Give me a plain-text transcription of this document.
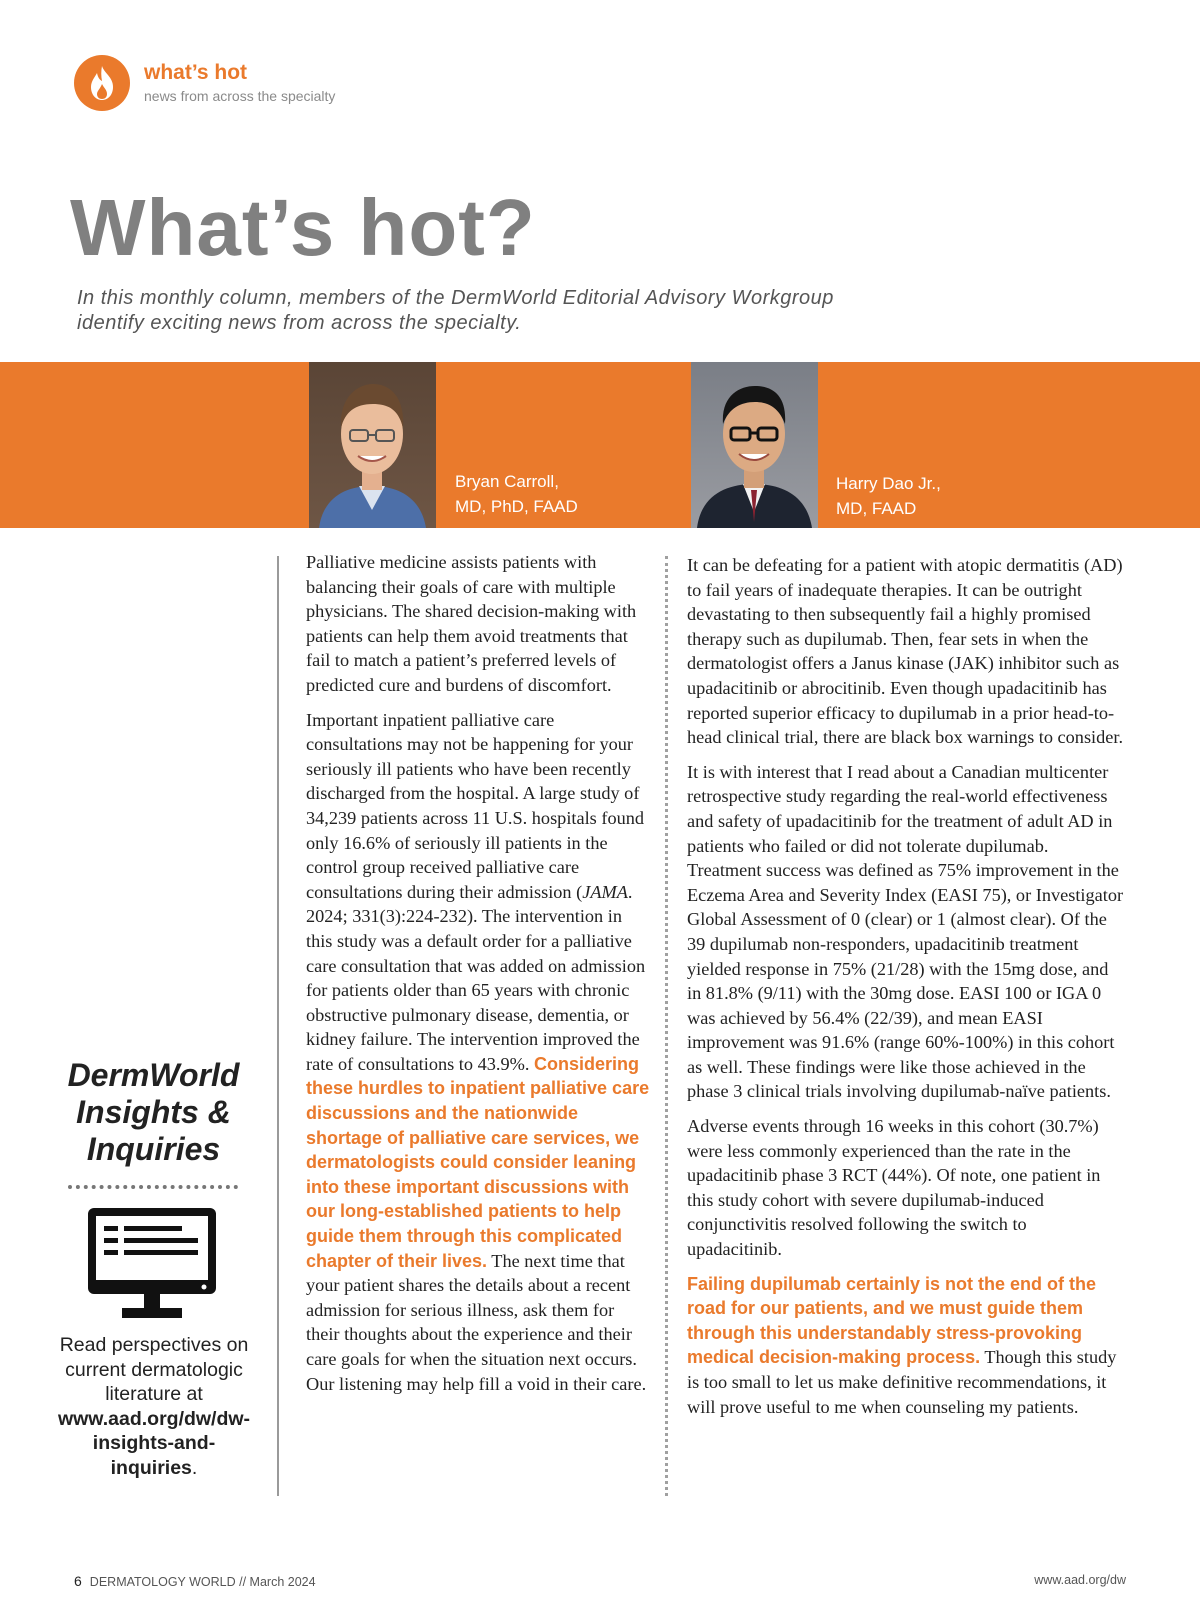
what’s hot
news from across the specialty
What’s hot?
In this monthly column, members of the DermWorld Editorial Advisory Workgroup identify exciting news from across the specialty.
Bryan Carroll,
MD, PhD, FAAD
Harry Dao Jr.,
MD, FAAD

Palliative medicine assists patients with balancing their goals of care with multiple physicians. The shared decision-making with patients can help them avoid treatments that fail to match a patient’s preferred levels of predicted cure and burdens of discomfort.

Important inpatient palliative care consultations may not be happening for your seriously ill patients who have been recently discharged from the hospital. A large study of 34,239 patients across 11 U.S. hospitals found only 16.6% of seriously ill patients in the control group received palliative care consultations during their admission (JAMA. 2024; 331(3):224-232). The intervention in this study was a default order for a palliative care consultation that was added on admission for patients older than 65 years with chronic obstructive pulmonary disease, dementia, or kidney failure. The intervention improved the rate of consultations to 43.9%. Considering these hurdles to inpatient palliative care discussions and the nationwide shortage of palliative care services, we dermatologists could consider leaning into these important discussions with our long-established patients to help guide them through this complicated chapter of their lives. The next time that your patient shares the details about a recent admission for serious illness, ask them for their thoughts about the experience and their care goals for when the situation next occurs. Our listening may help fill a void in their care.

It can be defeating for a patient with atopic dermatitis (AD) to fail years of inadequate therapies. It can be outright devastating to then subsequently fail a highly promised therapy such as dupilumab. Then, fear sets in when the dermatologist offers a Janus kinase (JAK) inhibitor such as upadacitinib or abrocitinib. Even though upadacitinib has reported superior efficacy to dupilumab in a prior head-to-head clinical trial, there are black box warnings to consider.

It is with interest that I read about a Canadian multicenter retrospective study regarding the real-world effectiveness and safety of upadacitinib for the treatment of adult AD in patients who failed or did not tolerate dupilumab. Treatment success was defined as 75% improvement in the Eczema Area and Severity Index (EASI 75), or Investigator Global Assessment of 0 (clear) or 1 (almost clear). Of the 39 dupilumab non-responders, upadacitinib treatment yielded response in 75% (21/28) with the 15mg dose, and in 81.8% (9/11) with the 30mg dose. EASI 100 or IGA 0 was achieved by 56.4% (22/39), and mean EASI improvement was 91.6% (range 60%-100%) in this cohort as well. These findings were like those achieved in the phase 3 clinical trials involving dupilumab-naïve patients.

Adverse events through 16 weeks in this cohort (30.7%) were less commonly experienced than the rate in the upadacitinib phase 3 RCT (44%). Of note, one patient in this study cohort with severe dupilumab-induced conjunctivitis resolved following the switch to upadacitinib.

Failing dupilumab certainly is not the end of the road for our patients, and we must guide them through this understandably stress-provoking medical decision-making process. Though this study is too small to let us make definitive recommendations, it will prove useful to me when counseling my patients.

DermWorld Insights & Inquiries
Read perspectives on current dermatologic literature at www.aad.org/dw/dw-insights-and-inquiries.
6 DERMATOLOGY WORLD // March 2024	www.aad.org/dw
